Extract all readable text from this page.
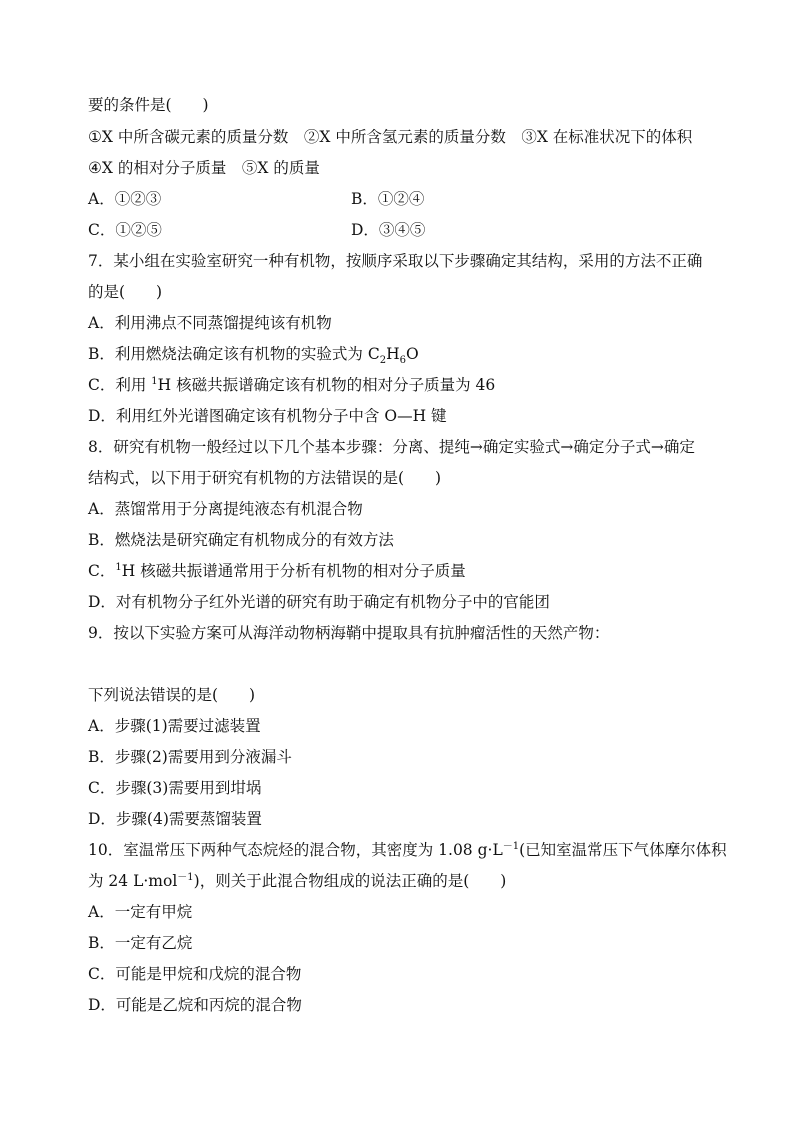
要的条件是(　　)
①X 中所含碳元素的质量分数　②X 中所含氢元素的质量分数　③X 在标准状况下的体积
④X 的相对分子质量　⑤X 的质量
A．①②③	B．①②④
C．①②⑤	D．③④⑤
7．某小组在实验室研究一种有机物，按顺序采取以下步骤确定其结构，采用的方法不正确
的是(　　)
A．利用沸点不同蒸馏提纯该有机物
B．利用燃烧法确定该有机物的实验式为 $C_2H_6O$
C．利用 $^1$H 核磁共振谱确定该有机物的相对分子质量为 46
D．利用红外光谱图确定该有机物分子中含 O—H 键
8．研究有机物一般经过以下几个基本步骤：分离、提纯→确定实验式→确定分子式→确定
结构式，以下用于研究有机物的方法错误的是(　　)
A．蒸馏常用于分离提纯液态有机混合物
B．燃烧法是研究确定有机物成分的有效方法
C．$^1$H 核磁共振谱通常用于分析有机物的相对分子质量
D．对有机物分子红外光谱的研究有助于确定有机物分子中的官能团
9．按以下实验方案可从海洋动物柄海鞘中提取具有抗肿瘤活性的天然产物：
下列说法错误的是(　　)
A．步骤(1)需要过滤装置
B．步骤(2)需要用到分液漏斗
C．步骤(3)需要用到坩埚
D．步骤(4)需要蒸馏装置
10．室温常压下两种气态烷烃的混合物，其密度为 1.08 $g\cdot L^{-1}$(已知室温常压下气体摩尔体积
为 24 L·mol$^{-1}$)，则关于此混合物组成的说法正确的是(　　)
A．一定有甲烷
B．一定有乙烷
C．可能是甲烷和戊烷的混合物
D．可能是乙烷和丙烷的混合物
